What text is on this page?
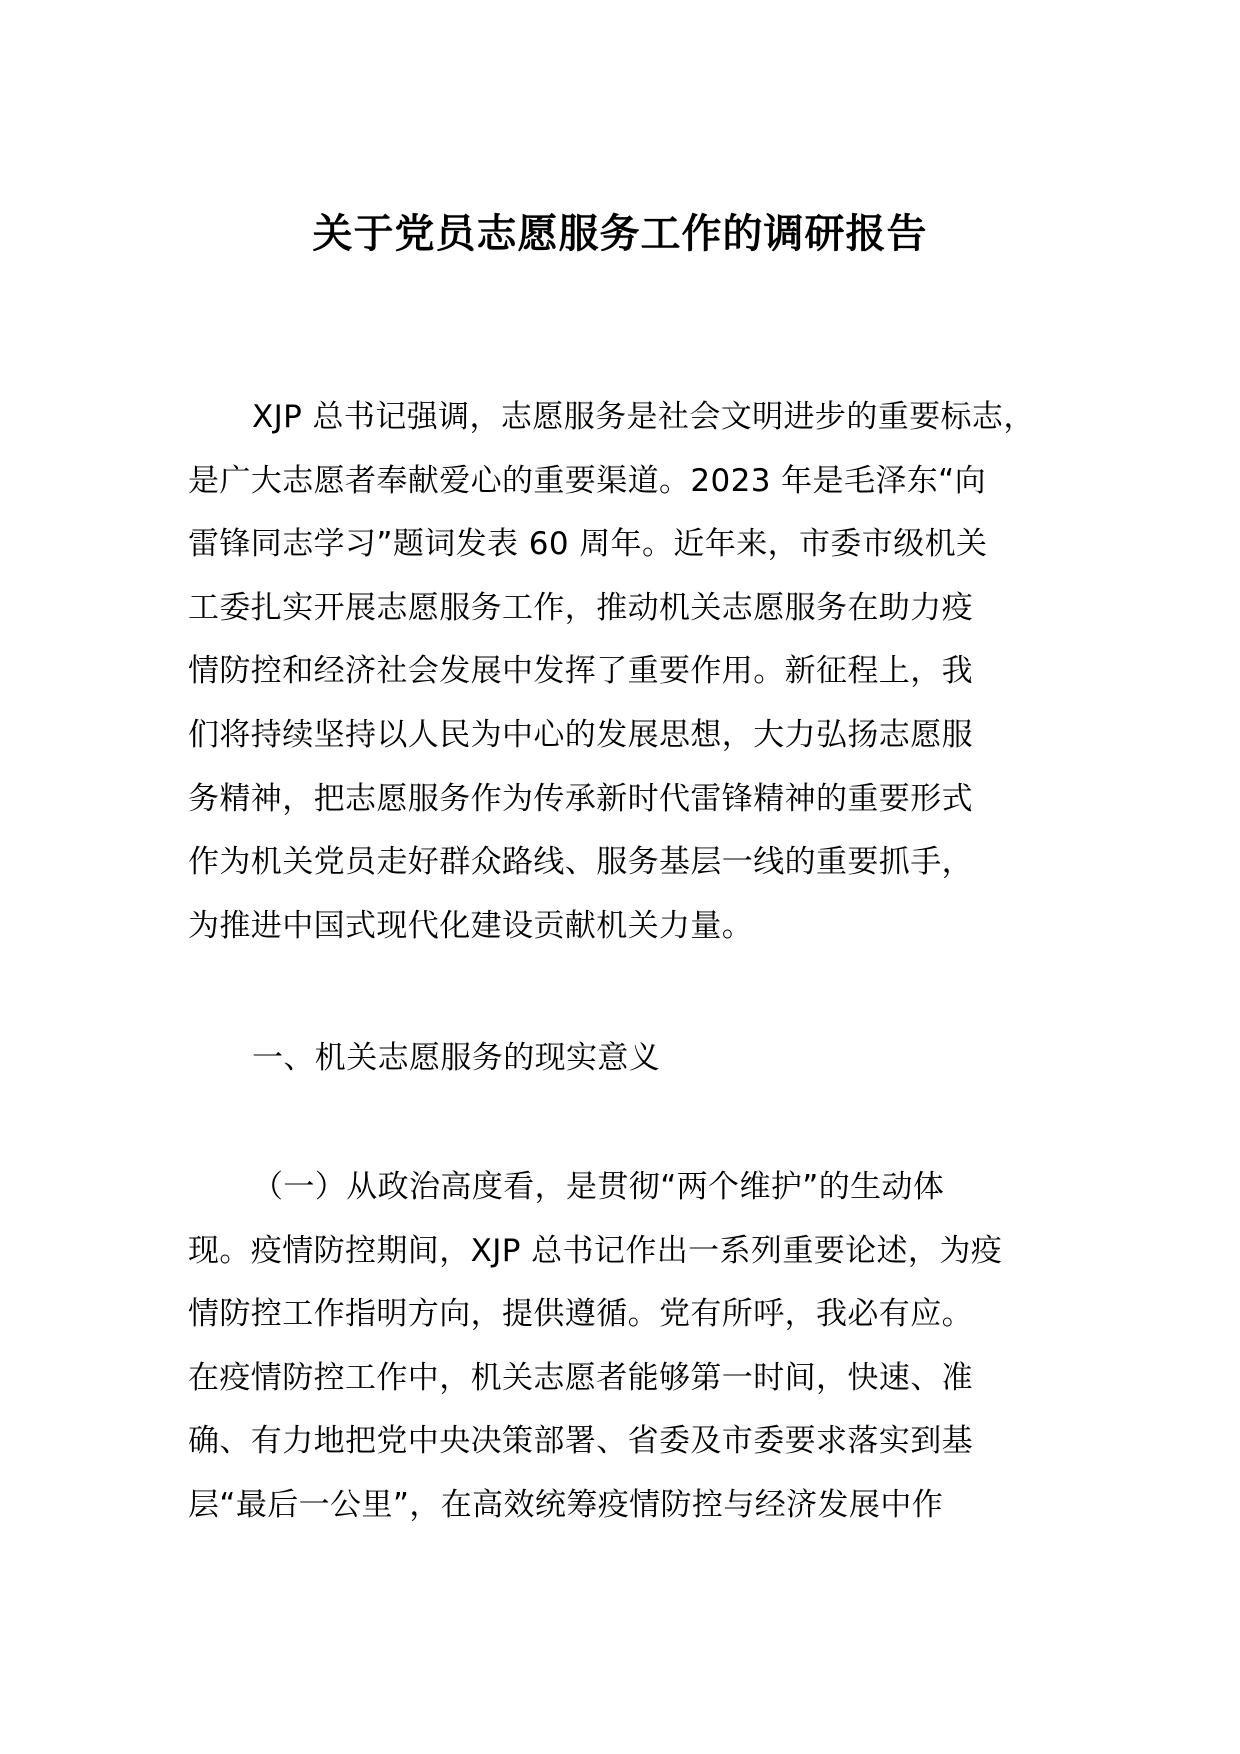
关于党员志愿服务工作的调研报告
XJP 总书记强调，志愿服务是社会文明进步的重要标志，
是广大志愿者奉献爱心的重要渠道。2023 年是毛泽东“向
雷锋同志学习”题词发表 60 周年。近年来，市委市级机关
工委扎实开展志愿服务工作，推动机关志愿服务在助力疫
情防控和经济社会发展中发挥了重要作用。新征程上，我
们将持续坚持以人民为中心的发展思想，大力弘扬志愿服
务精神，把志愿服务作为传承新时代雷锋精神的重要形式
作为机关党员走好群众路线、服务基层一线的重要抓手，
为推进中国式现代化建设贡献机关力量。
一、机关志愿服务的现实意义
（一）从政治高度看，是贯彻“两个维护”的生动体
现。疫情防控期间，XJP 总书记作出一系列重要论述，为疫
情防控工作指明方向，提供遵循。党有所呼，我必有应。
在疫情防控工作中，机关志愿者能够第一时间，快速、准
确、有力地把党中央决策部署、省委及市委要求落实到基
层“最后一公里”，在高效统筹疫情防控与经济发展中作
